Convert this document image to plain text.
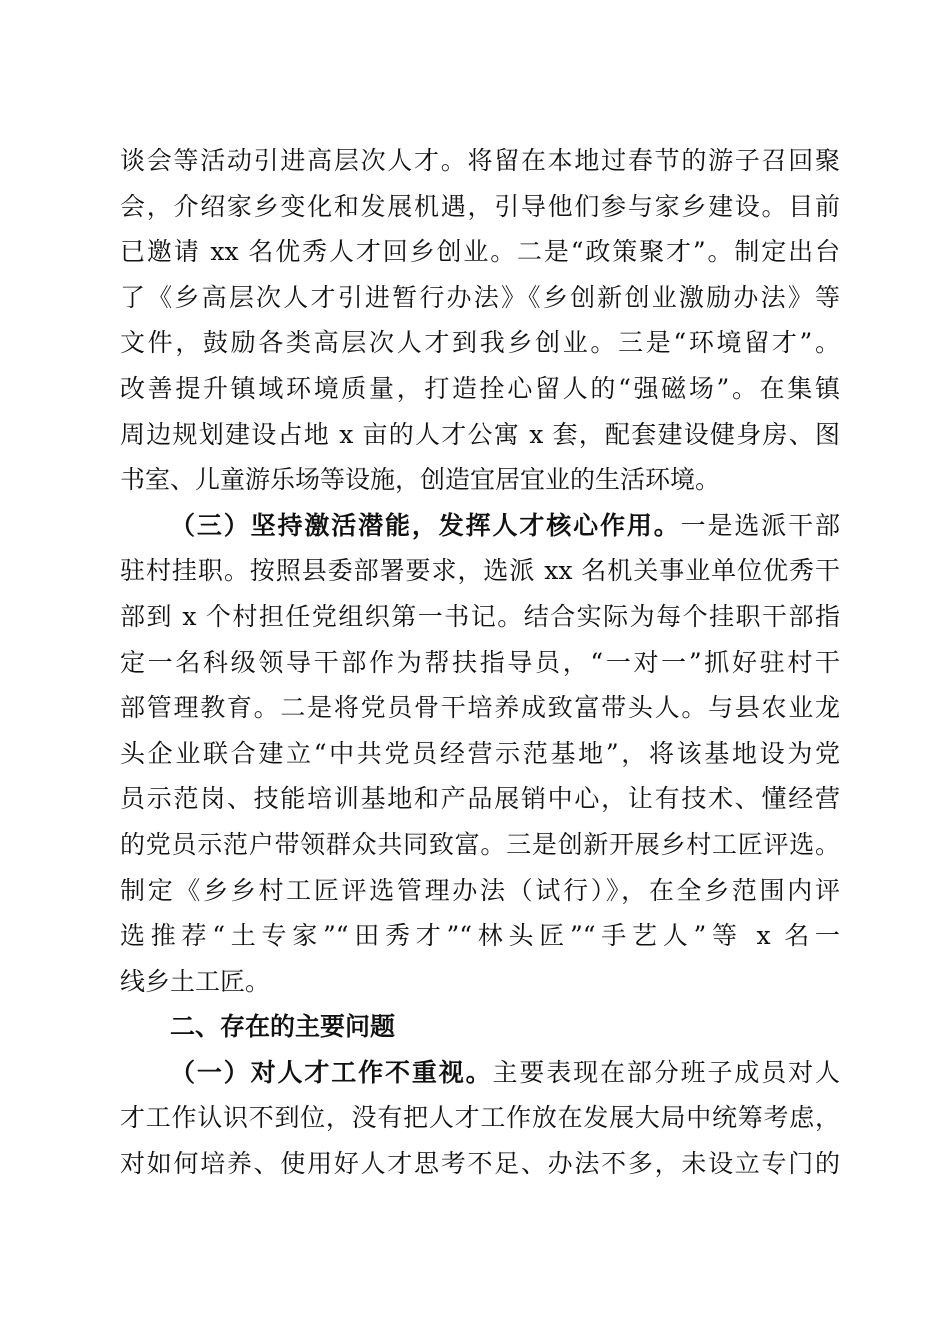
谈会等活动引进高层次人才。将留在本地过春节的游子召回聚
会，介绍家乡变化和发展机遇，引导他们参与家乡建设。目前
已邀请 xx 名优秀人才回乡创业。二是“政策聚才”。制定出台
了《乡高层次人才引进暂行办法》《乡创新创业激励办法》等
文件，鼓励各类高层次人才到我乡创业。三是“环境留才”。
改善提升镇域环境质量，打造拴心留人的“强磁场”。在集镇
周边规划建设占地 x 亩的人才公寓 x 套，配套建设健身房、图
书室、儿童游乐场等设施，创造宜居宜业的生活环境。
（三）坚持激活潜能，发挥人才核心作用。一是选派干部
驻村挂职。按照县委部署要求，选派 xx 名机关事业单位优秀干
部到 x 个村担任党组织第一书记。结合实际为每个挂职干部指
定一名科级领导干部作为帮扶指导员，“一对一”抓好驻村干
部管理教育。二是将党员骨干培养成致富带头人。与县农业龙
头企业联合建立“中共党员经营示范基地”，将该基地设为党
员示范岗、技能培训基地和产品展销中心，让有技术、懂经营
的党员示范户带领群众共同致富。三是创新开展乡村工匠评选。
制定《乡乡村工匠评选管理办法（试行）》，在全乡范围内评
选推荐“土专家”“田秀才”“林头匠”“手艺人”等 x 名一
线乡土工匠。
二、存在的主要问题
（一）对人才工作不重视。主要表现在部分班子成员对人
才工作认识不到位，没有把人才工作放在发展大局中统筹考虑，
对如何培养、使用好人才思考不足、办法不多，未设立专门的
